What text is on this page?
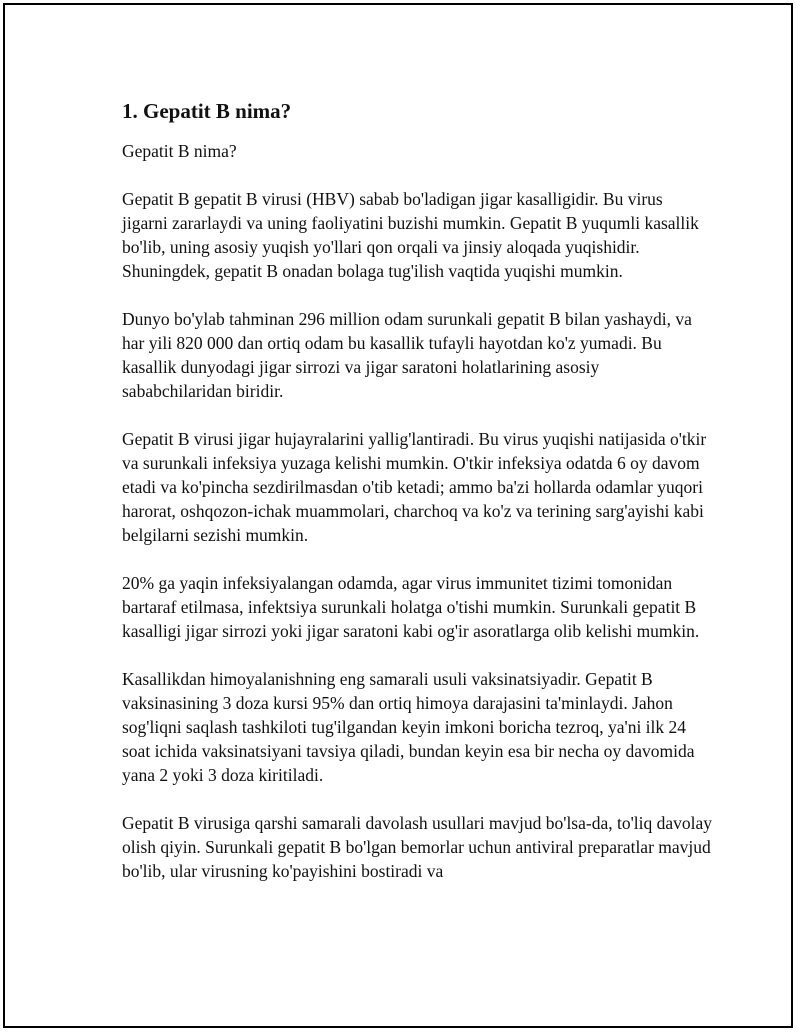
1. Gepatit B nima?

Gepatit B nima?

Gepatit B gepatit B virusi (HBV) sabab bo'ladigan jigar kasalligidir. Bu virus jigarni zararlaydi va uning faoliyatini buzishi mumkin. Gepatit B yuqumli kasallik bo'lib, uning asosiy yuqish yo'llari qon orqali va jinsiy aloqada yuqishidir. Shuningdek, gepatit B onadan bolaga tug'ilish vaqtida yuqishi mumkin.

Dunyo bo'ylab tahminan 296 million odam surunkali gepatit B bilan yashaydi, va har yili 820 000 dan ortiq odam bu kasallik tufayli hayotdan ko'z yumadi. Bu kasallik dunyodagi jigar sirrozi va jigar saratoni holatlarining asosiy sababchilaridan biridir.

Gepatit B virusi jigar hujayralarini yallig'lantiradi. Bu virus yuqishi natijasida o'tkir va surunkali infeksiya yuzaga kelishi mumkin. O'tkir infeksiya odatda 6 oy davom etadi va ko'pincha sezdirilmasdan o'tib ketadi; ammo ba'zi hollarda odamlar yuqori harorat, oshqozon-ichak muammolari, charchoq va ko'z va terining sarg'ayishi kabi belgilarni sezishi mumkin.

20% ga yaqin infeksiyalangan odamda, agar virus immunitet tizimi tomonidan bartaraf etilmasa, infektsiya surunkali holatga o'tishi mumkin. Surunkali gepatit B kasalligi jigar sirrozi yoki jigar saratoni kabi og'ir asoratlarga olib kelishi mumkin.

Kasallikdan himoyalanishning eng samarali usuli vaksinatsiyadir. Gepatit B vaksinasining 3 doza kursi 95% dan ortiq himoya darajasini ta'minlaydi. Jahon sog'liqni saqlash tashkiloti tug'ilgandan keyin imkoni boricha tezroq, ya'ni ilk 24 soat ichida vaksinatsiyani tavsiya qiladi, bundan keyin esa bir necha oy davomida yana 2 yoki 3 doza kiritiladi.

Gepatit B virusiga qarshi samarali davolash usullari mavjud bo'lsa-da, to'liq davolay olish qiyin. Surunkali gepatit B bo'lgan bemorlar uchun antiviral preparatlar mavjud bo'lib, ular virusning ko'payishini bostiradi va
